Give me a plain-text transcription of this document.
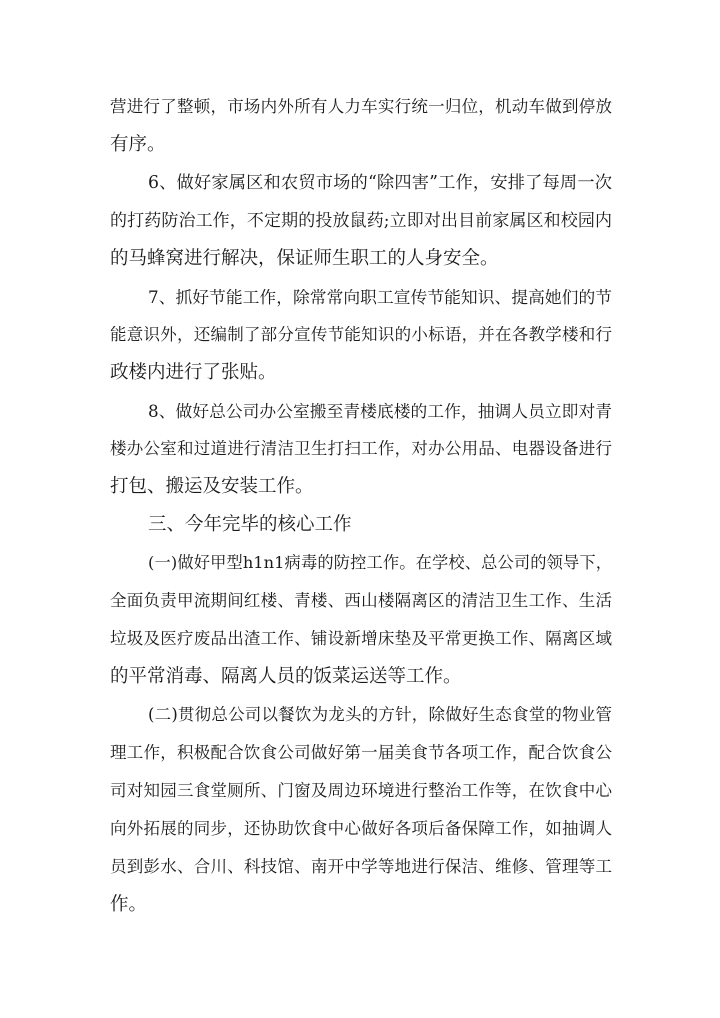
营进行了整顿，市场内外所有人力车实行统一归位，机动车做到停放
有序。
6、做好家属区和农贸市场的“除四害”工作，安排了每周一次
的打药防治工作，不定期的投放鼠药;立即对出目前家属区和校园内
的马蜂窝进行解决，保证师生职工的人身安全。
7、抓好节能工作，除常常向职工宣传节能知识、提高她们的节
能意识外，还编制了部分宣传节能知识的小标语，并在各教学楼和行
政楼内进行了张贴。
8、做好总公司办公室搬至青楼底楼的工作，抽调人员立即对青
楼办公室和过道进行清洁卫生打扫工作，对办公用品、电器设备进行
打包、搬运及安装工作。
三、今年完毕的核心工作
(一)做好甲型h1n1病毒的防控工作。在学校、总公司的领导下，
全面负责甲流期间红楼、青楼、西山楼隔离区的清洁卫生工作、生活
垃圾及医疗废品出渣工作、铺设新增床垫及平常更换工作、隔离区域
的平常消毒、隔离人员的饭菜运送等工作。
(二)贯彻总公司以餐饮为龙头的方针，除做好生态食堂的物业管
理工作，积极配合饮食公司做好第一届美食节各项工作，配合饮食公
司对知园三食堂厕所、门窗及周边环境进行整治工作等，在饮食中心
向外拓展的同步，还协助饮食中心做好各项后备保障工作，如抽调人
员到彭水、合川、科技馆、南开中学等地进行保洁、维修、管理等工
作。
